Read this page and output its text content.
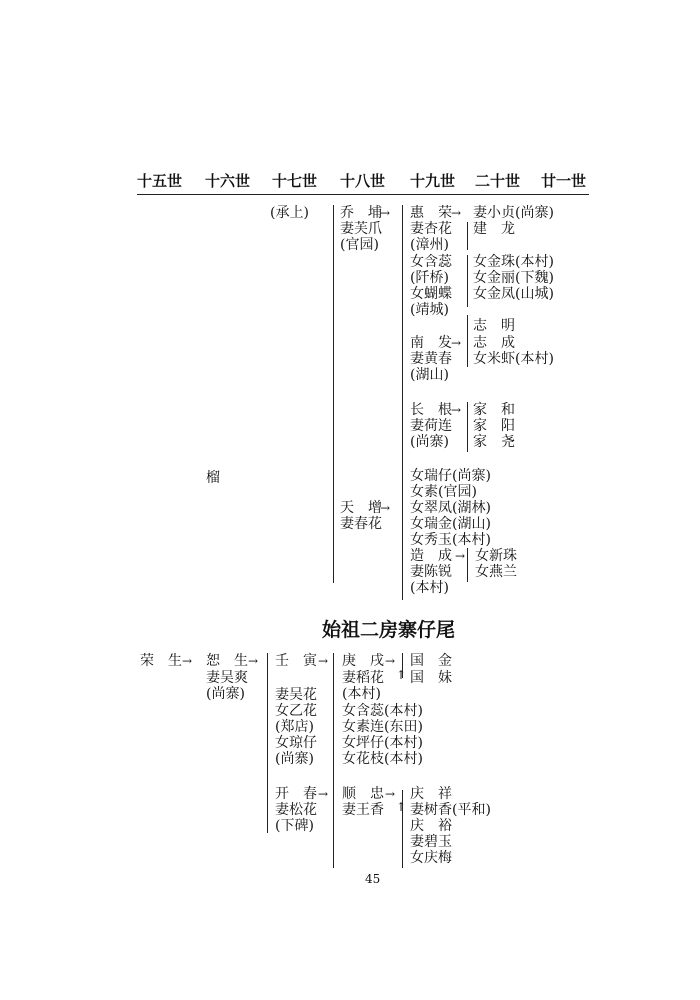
十五世 十六世 十七世 十八世 十九世 二十世 廿一世
(承上)
榴
乔　埔
→
妻芙爪
(官园)
惠　荣 →
妻杏花
(漳州)
女含蕊
(阡桥)
女蝴蝶
(靖城)
妻小贞(尚寨)
建　龙
女金珠(本村)
女金丽(下魏)
女金凤(山城)
南　发 →
妻黄春
(湖山)
志　明
志　成
女米虾(本村)
长　根 →
妻荷连
(尚寨)
家　和
家　阳
家　尧
天　增
→
妻春花
女瑞仔(尚寨)
女素(官园)
女翠凤(湖林)
女瑞金(湖山)
女秀玉(本村)
造　成 →
妻陈锐
(本村)
女新珠
女燕兰
始祖二房寨仔尾
荣　生 → 恕　生 →
妻吴爽
(尚寨)
壬　寅 →
妻吴花
女乙花
(郑店)
女琼仔
(尚寨)
庚　戌 →
妻稻花 ↑
(本村)
女含蕊(本村)
女素连(东田)
女坪仔(本村)
女花枝(本村)
国　金
国　妹
开　春 →
妻松花
(下碑)
顺　忠 →
妻王香 ↑
庆　祥
妻树香(平和)
庆　裕
妻碧玉
女庆梅
45
